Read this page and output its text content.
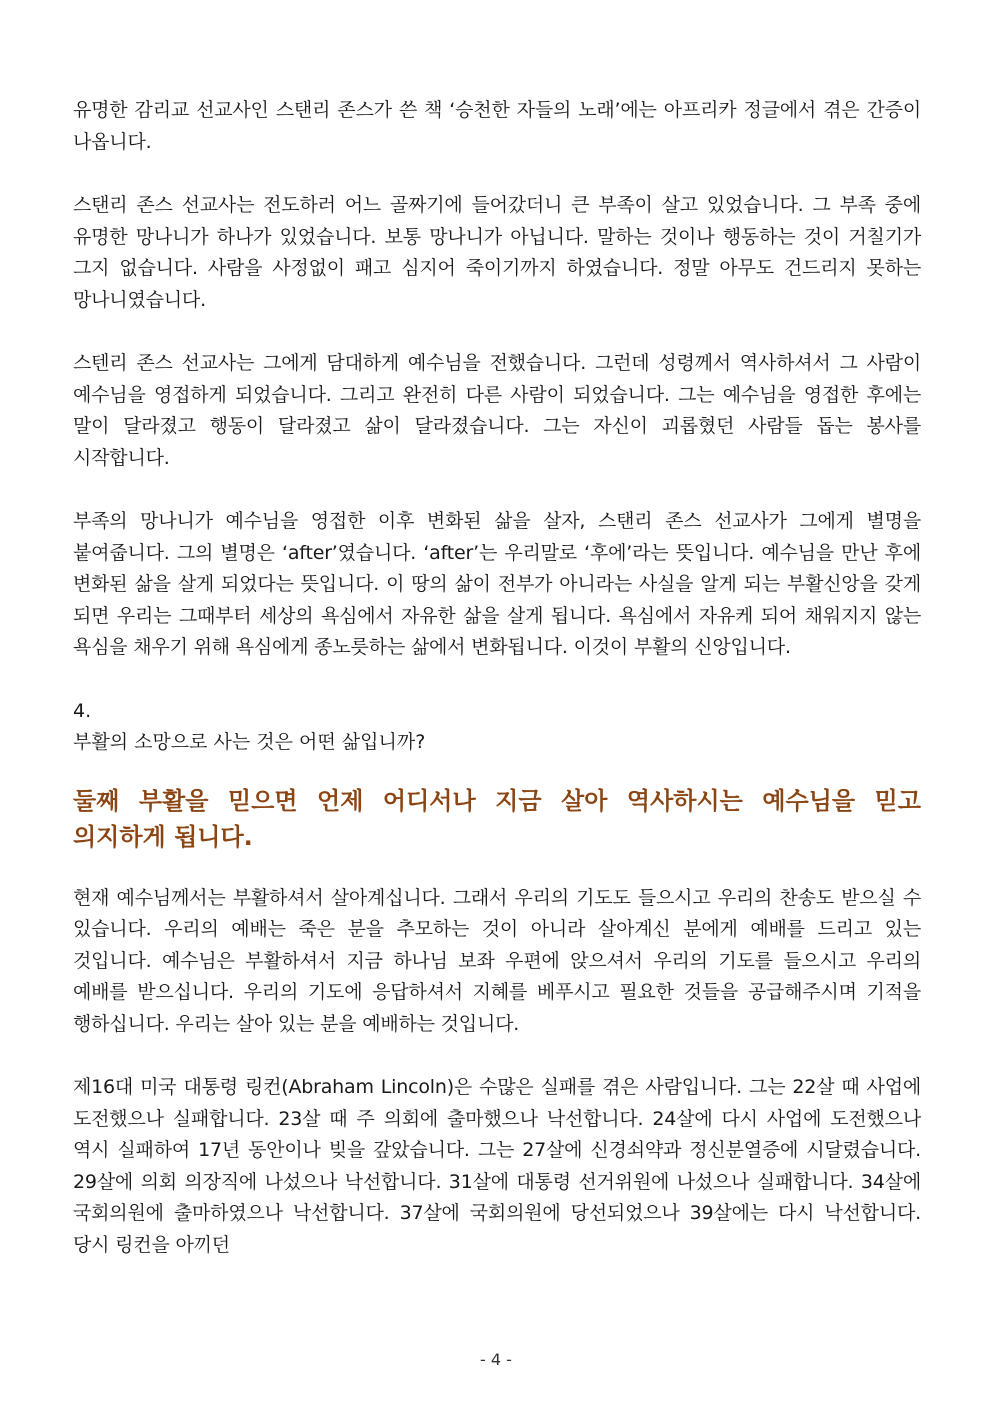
유명한 감리교 선교사인 스탠리 존스가 쓴 책 ‘승천한 자들의 노래’에는 아프리카 정글에서 겪은 간증이 나옵니다.

스탠리 존스 선교사는 전도하러 어느 골짜기에 들어갔더니 큰 부족이 살고 있었습니다. 그 부족 중에 유명한 망나니가 하나가 있었습니다. 보통 망나니가 아닙니다. 말하는 것이나 행동하는 것이 거칠기가 그지 없습니다. 사람을 사정없이 패고 심지어 죽이기까지 하였습니다. 정말 아무도 건드리지 못하는 망나니였습니다.

스텐리 존스 선교사는 그에게 담대하게 예수님을 전했습니다. 그런데 성령께서 역사하셔서 그 사람이 예수님을 영접하게 되었습니다. 그리고 완전히 다른 사람이 되었습니다. 그는 예수님을 영접한 후에는 말이 달라졌고 행동이 달라졌고 삶이 달라졌습니다. 그는 자신이 괴롭혔던 사람들 돕는 봉사를 시작합니다.

부족의 망나니가 예수님을 영접한 이후 변화된 삶을 살자, 스탠리 존스 선교사가 그에게 별명을 붙여줍니다. 그의 별명은 ‘after’였습니다. ‘after’는 우리말로 ‘후에’라는 뜻입니다. 예수님을 만난 후에 변화된 삶을 살게 되었다는 뜻입니다. 이 땅의 삶이 전부가 아니라는 사실을 알게 되는 부활신앙을 갖게 되면 우리는 그때부터 세상의 욕심에서 자유한 삶을 살게 됩니다. 욕심에서 자유케 되어 채워지지 않는 욕심을 채우기 위해 욕심에게 종노릇하는 삶에서 변화됩니다. 이것이 부활의 신앙입니다.

4.

부활의 소망으로 사는 것은 어떤 삶입니까?

둘째 부활을 믿으면 언제 어디서나 지금 살아 역사하시는 예수님을 믿고 의지하게 됩니다.

현재 예수님께서는 부활하셔서 살아계십니다. 그래서 우리의 기도도 들으시고 우리의 찬송도 받으실 수 있습니다. 우리의 예배는 죽은 분을 추모하는 것이 아니라 살아계신 분에게 예배를 드리고 있는 것입니다. 예수님은 부활하셔서 지금 하나님 보좌 우편에 앉으셔서 우리의 기도를 들으시고 우리의 예배를 받으십니다. 우리의 기도에 응답하셔서 지혜를 베푸시고 필요한 것들을 공급해주시며 기적을 행하십니다. 우리는 살아 있는 분을 예배하는 것입니다.

제16대 미국 대통령 링컨(Abraham Lincoln)은 수많은 실패를 겪은 사람입니다. 그는 22살 때 사업에 도전했으나 실패합니다. 23살 때 주 의회에 출마했으나 낙선합니다. 24살에 다시 사업에 도전했으나 역시 실패하여 17년 동안이나 빚을 갚았습니다. 그는 27살에 신경쇠약과 정신분열증에 시달렸습니다. 29살에 의회 의장직에 나섰으나 낙선합니다. 31살에 대통령 선거위원에 나섰으나 실패합니다. 34살에 국회의원에 출마하였으나 낙선합니다. 37살에 국회의원에 당선되었으나 39살에는 다시 낙선합니다. 당시 링컨을 아끼던

- 4 -
